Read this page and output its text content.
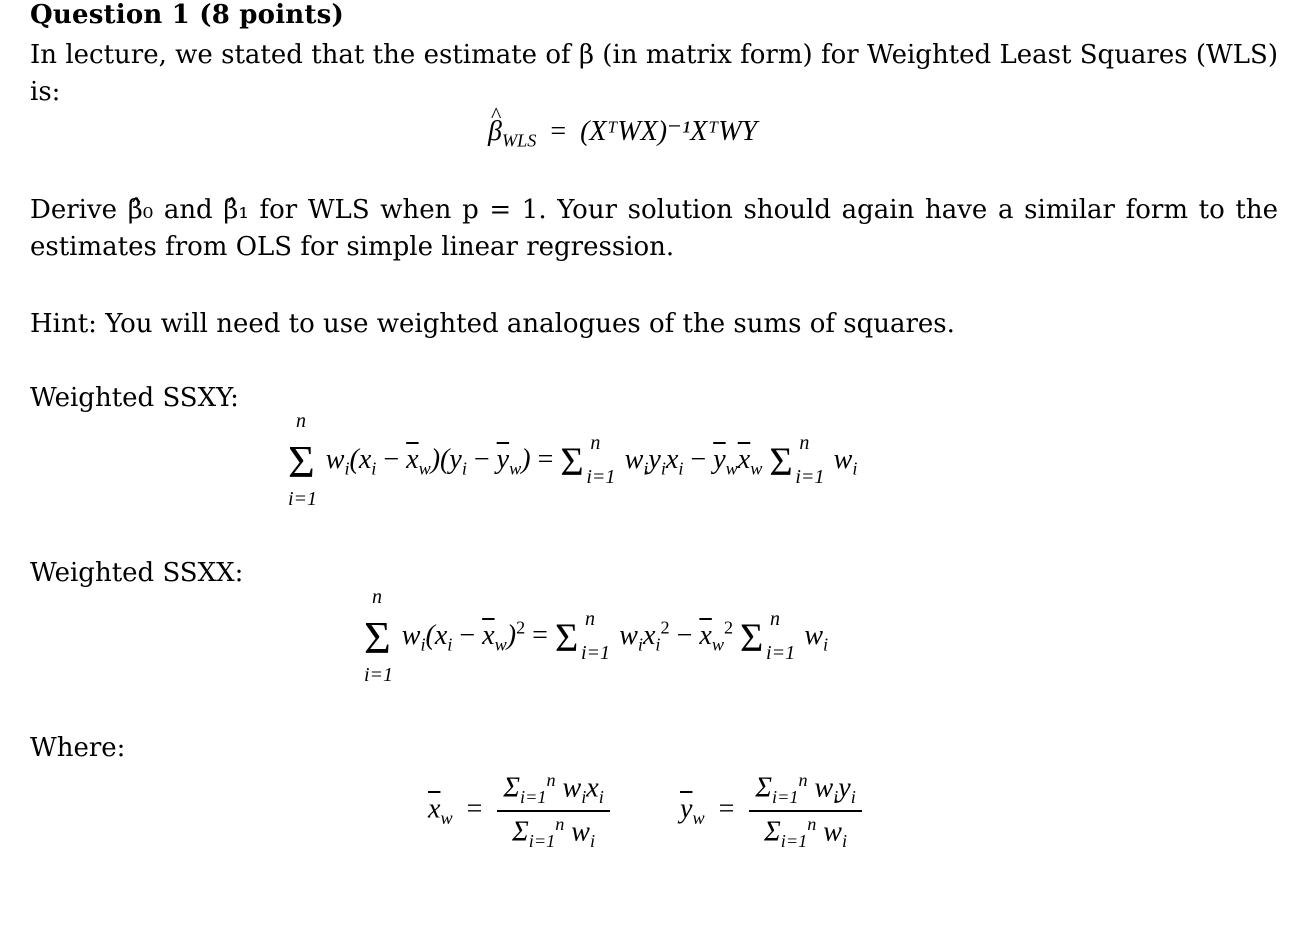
Question 1 (8 points)
In lecture, we stated that the estimate of β (in matrix form) for Weighted Least Squares (WLS) is:
^ $\beta_{WLS}$  =  (XᵀWX)⁻¹XᵀWY
Derive β̂₀ and β̂₁ for WLS when p = 1. Your solution should again have a similar form to the estimates from OLS for simple linear regression.
Hint: You will need to use weighted analogues of the sums of squares.
Weighted SSXY:
Σ
n
i=1
$w_i(x_i - \overline{x}_w)(y_i - \overline{y}_w) = \Sigma$ n
i=1
$w_iy_ix_i - \overline{y}_w\overline{x}_w$ Σ n
i=1
$w_i$
Weighted SSXX:
Σ
n
i=1
$w_i(x_i - \overline{x}_w)^2 = \Sigma$ n
i=1
$w_ix_i^2 - \overline{x}_w^2$ Σ n
i=1
$w_i$
Where:
$\overline{x}_w = \frac{\Sigma_{i=1}^n w_ix_i}{\Sigma_{i=1}^n w_i}$	$\overline{y}_w = \frac{\Sigma_{i=1}^n w_iy_i}{\Sigma_{i=1}^n w_i}$
